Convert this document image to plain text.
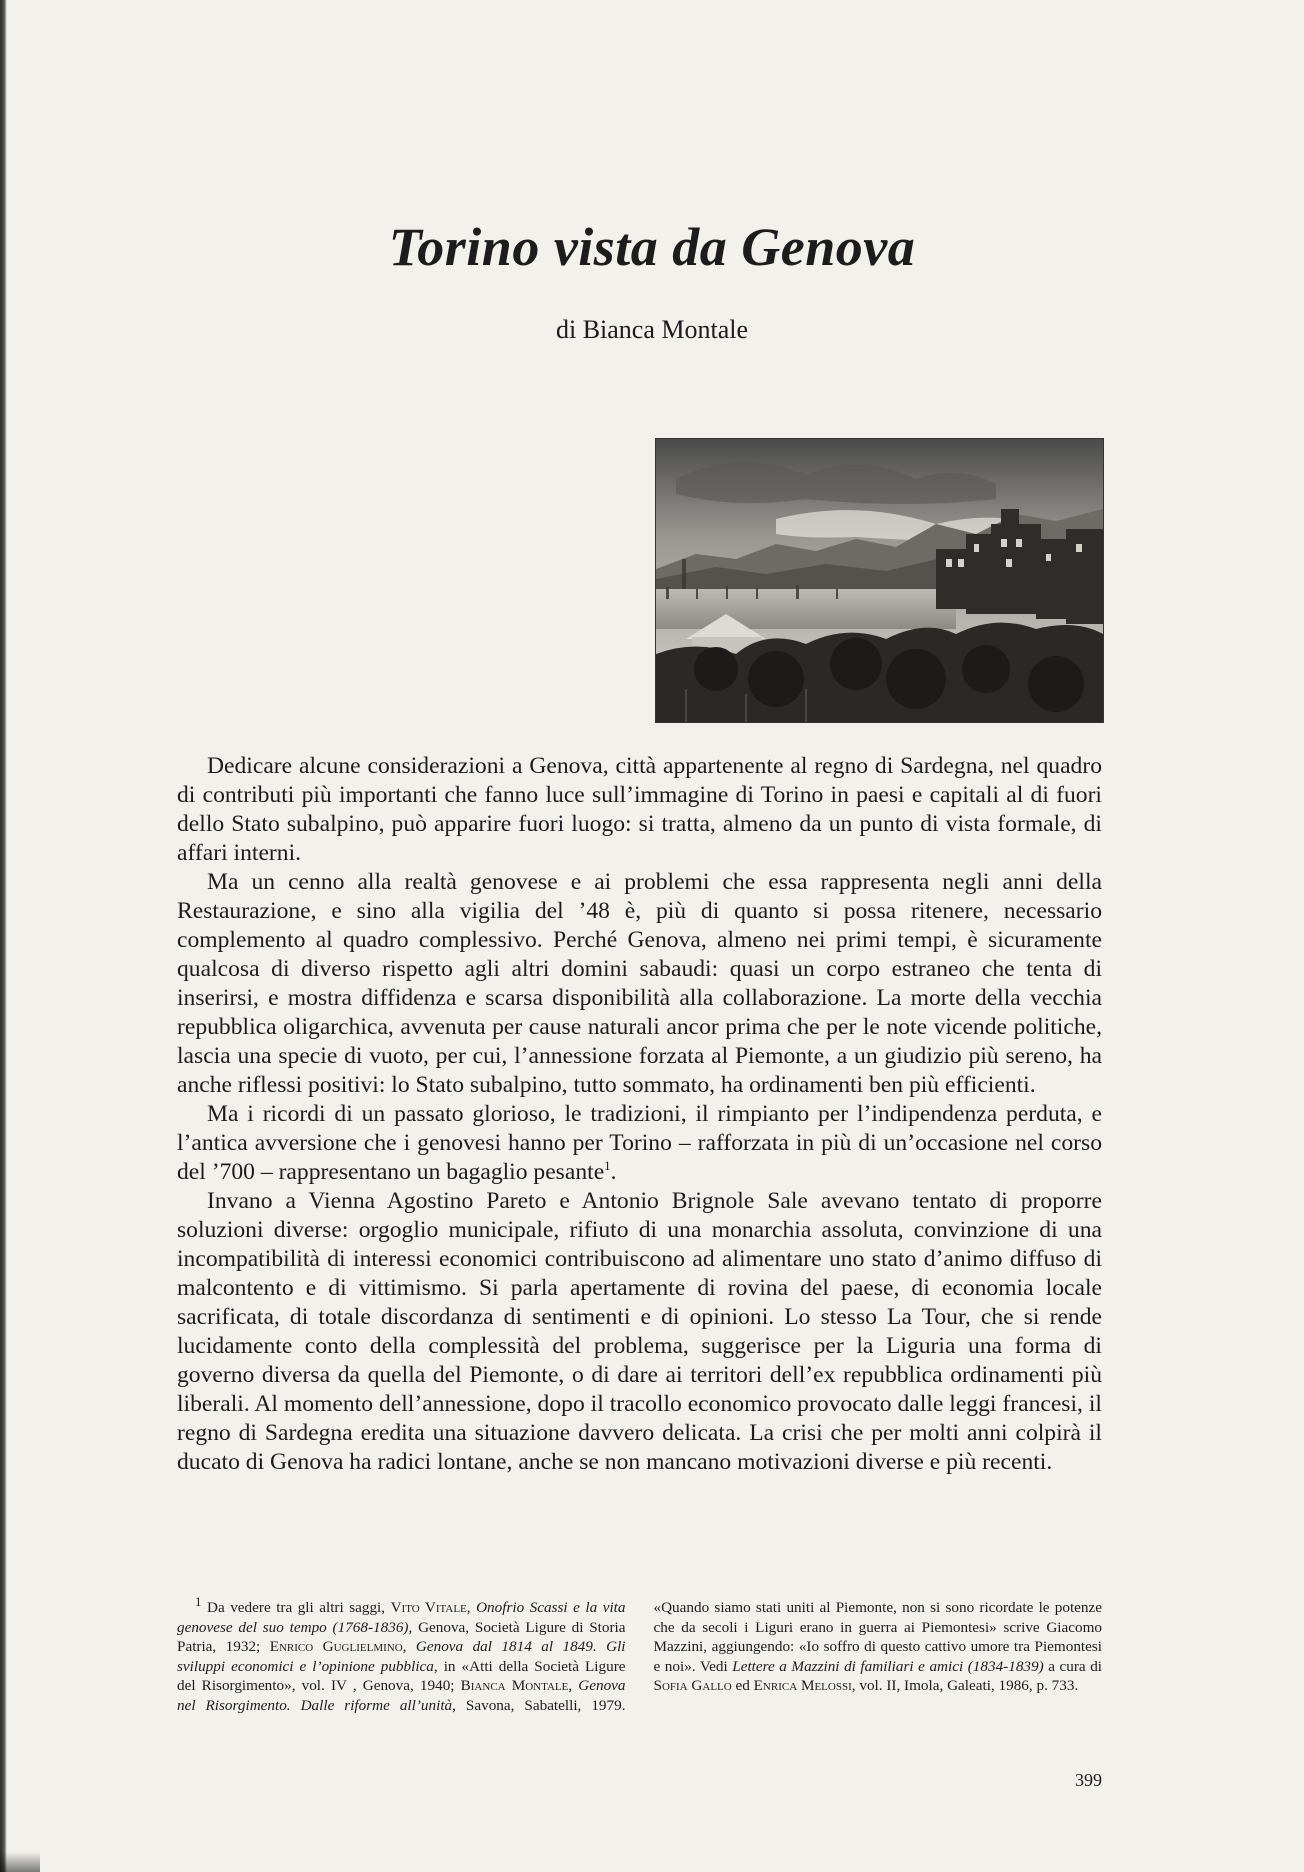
Torino vista da Genova
di Bianca Montale

Dedicare alcune considerazioni a Genova, città appartenente al regno di Sardegna, nel quadro di contributi più importanti che fanno luce sull’immagine di Torino in paesi e capitali al di fuori dello Stato subalpino, può apparire fuori luogo: si tratta, almeno da un punto di vista formale, di affari interni.

Ma un cenno alla realtà genovese e ai problemi che essa rappresenta negli anni della Restaurazione, e sino alla vigilia del ’48 è, più di quanto si possa ritenere, necessario complemento al quadro complessivo. Perché Genova, almeno nei primi tempi, è sicuramente qualcosa di diverso rispetto agli altri domini sabaudi: quasi un corpo estraneo che tenta di inserirsi, e mostra diffidenza e scarsa disponibilità alla collaborazione. La morte della vecchia repubblica oligarchica, avvenuta per cause naturali ancor prima che per le note vicende politiche, lascia una specie di vuoto, per cui, l’annessione forzata al Piemonte, a un giudizio più sereno, ha anche riflessi positivi: lo Stato subalpino, tutto sommato, ha ordinamenti ben più efficienti.

Ma i ricordi di un passato glorioso, le tradizioni, il rimpianto per l’indipendenza perduta, e l’antica avversione che i genovesi hanno per Torino – rafforzata in più di un’occasione nel corso del ’700 – rappresentano un bagaglio pesante$^1$.

Invano a Vienna Agostino Pareto e Antonio Brignole Sale avevano tentato di proporre soluzioni diverse: orgoglio municipale, rifiuto di una monarchia assoluta, convinzione di una incompatibilità di interessi economici contribuiscono ad alimentare uno stato d’animo diffuso di malcontento e di vittimismo. Si parla apertamente di rovina del paese, di economia locale sacrificata, di totale discordanza di sentimenti e di opinioni. Lo stesso La Tour, che si rende lucidamente conto della complessità del problema, suggerisce per la Liguria una forma di governo diversa da quella del Piemonte, o di dare ai territori dell’ex repubblica ordinamenti più liberali. Al momento dell’annessione, dopo il tracollo economico provocato dalle leggi francesi, il regno di Sardegna eredita una situazione davvero delicata. La crisi che per molti anni colpirà il ducato di Genova ha radici lontane, anche se non mancano motivazioni diverse e più recenti.

$^1$ Da vedere tra gli altri saggi, Vito Vitale, Onofrio Scassi e la vita genovese del suo tempo (1768-1836), Genova, Società Ligure di Storia Patria, 1932; Enrico Guglielmino, Genova dal 1814 al 1849. Gli sviluppi economici e l’opinione pubblica, in «Atti della Società Ligure del Risorgimento», vol. IV , Genova, 1940; Bianca Montale, Genova nel Risorgimento. Dalle riforme all’unità, Savona, Sabatelli, 1979. «Quando siamo stati uniti al Piemonte, non si sono ricordate le potenze che da secoli i Liguri erano in guerra ai Piemontesi» scrive Giacomo Mazzini, aggiungendo: «Io soffro di questo cattivo umore tra Piemontesi e noi». Vedi Lettere a Mazzini di familiari e amici (1834-1839) a cura di Sofia Gallo ed Enrica Melossi, vol. II, Imola, Galeati, 1986, p. 733.
399
